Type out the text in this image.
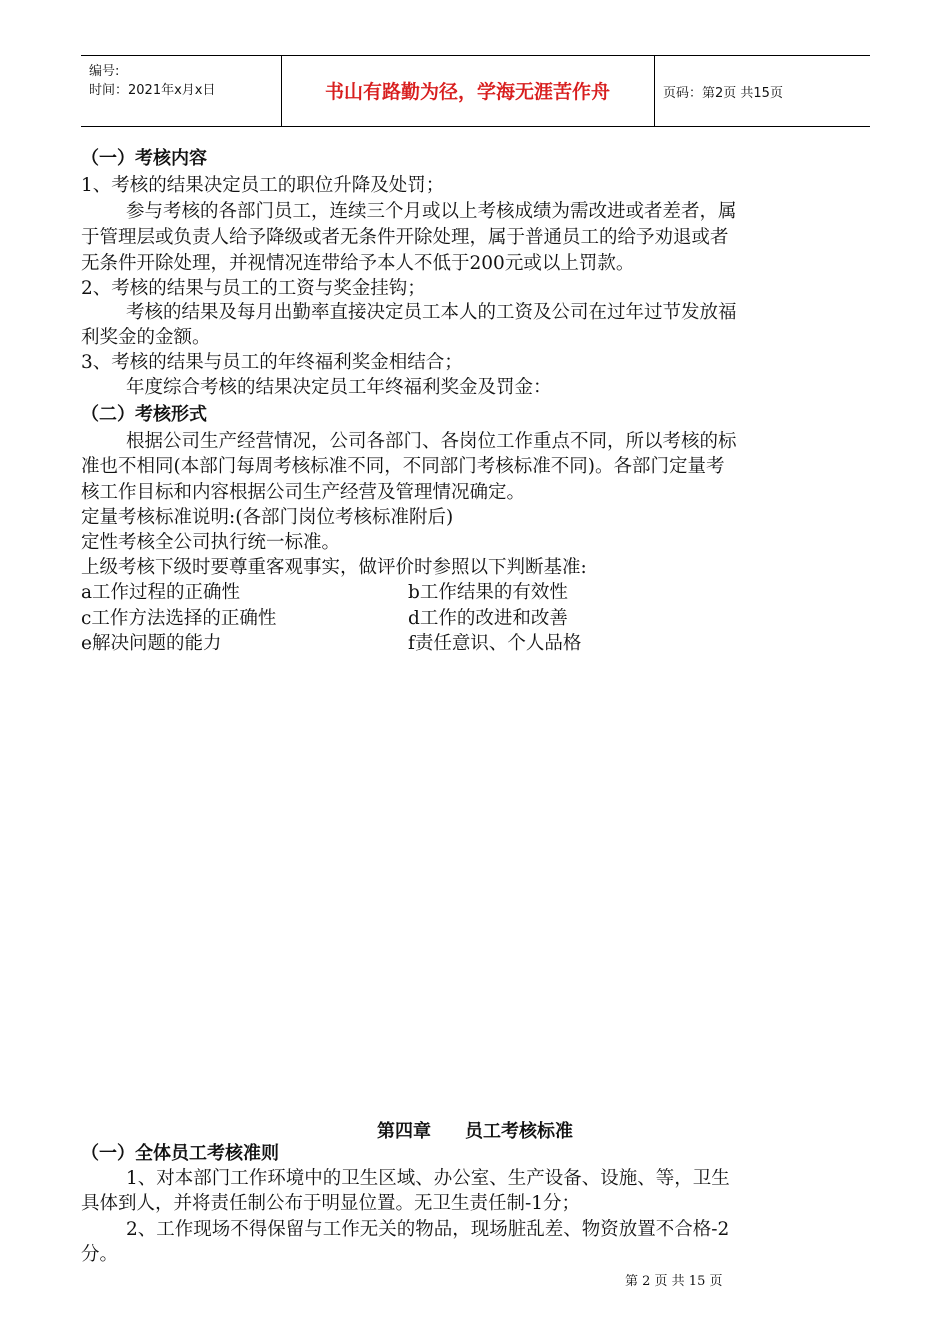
编号:
时间：2021年x月x日	书山有路勤为径，学海无涯苦作舟	页码：第2页 共15页
（一）考核内容
1、考核的结果决定员工的职位升降及处罚；
参与考核的各部门员工，连续三个月或以上考核成绩为需改进或者差者，属
于管理层或负责人给予降级或者无条件开除处理，属于普通员工的给予劝退或者
无条件开除处理，并视情况连带给予本人不低于200元或以上罚款。
2、考核的结果与员工的工资与奖金挂钩；
考核的结果及每月出勤率直接决定员工本人的工资及公司在过年过节发放福
利奖金的金额。
3、考核的结果与员工的年终福利奖金相结合；
年度综合考核的结果决定员工年终福利奖金及罚金：
（二）考核形式
根据公司生产经营情况，公司各部门、各岗位工作重点不同，所以考核的标
准也不相同(本部门每周考核标准不同，不同部门考核标准不同)。各部门定量考
核工作目标和内容根据公司生产经营及管理情况确定。
定量考核标准说明:(各部门岗位考核标准附后)
定性考核全公司执行统一标准。
上级考核下级时要尊重客观事实，做评价时参照以下判断基准:
a工作过程的正确性	b工作结果的有效性
c工作方法选择的正确性	d工作的改进和改善
e解决问题的能力	f责任意识、个人品格
第四章 员工考核标准
（一）全体员工考核准则
1、对本部门工作环境中的卫生区域、办公室、生产设备、设施、等，卫生
具体到人，并将责任制公布于明显位置。无卫生责任制-1分；
2、工作现场不得保留与工作无关的物品，现场脏乱差、物资放置不合格-2
分。
第 2 页 共 15 页
